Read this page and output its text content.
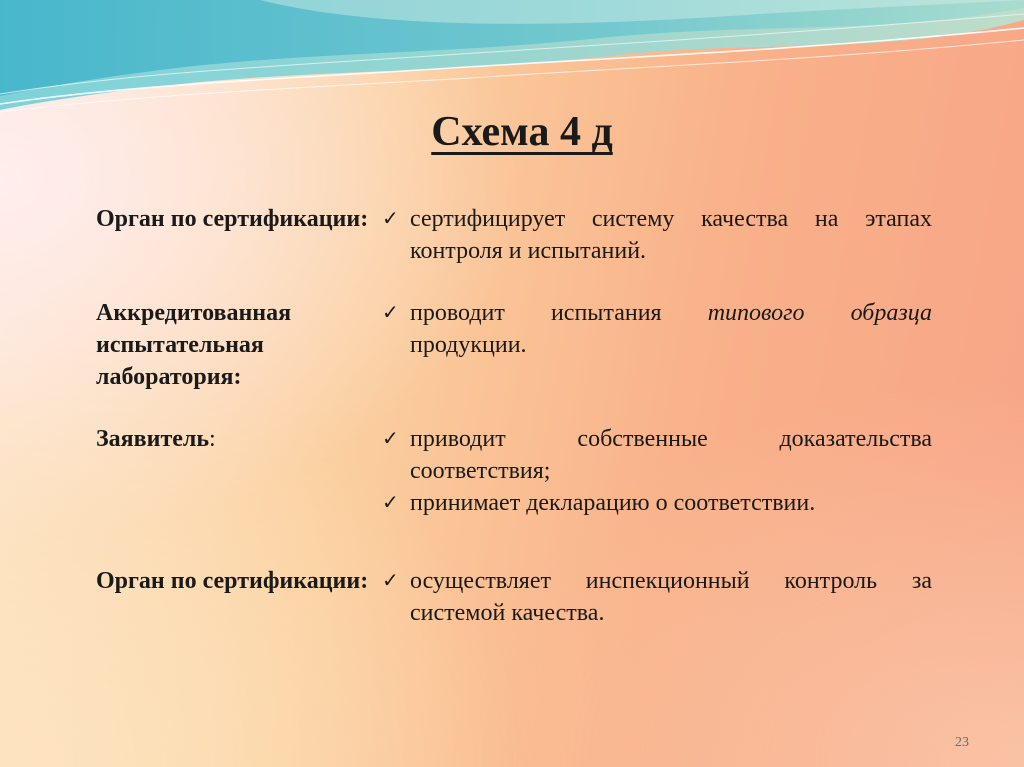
Схема 4 д
Орган по сертификации: ✓ сертифицирует систему качества на этапах контроля и испытаний.
Аккредитованная испытательная лаборатория:
✓ проводит испытания типового образца продукции.
Заявитель:	✓ приводит собственные доказательства соответствия;
✓ принимает декларацию о соответствии.
Орган по сертификации: ✓ осуществляет инспекционный контроль за системой качества.
23
